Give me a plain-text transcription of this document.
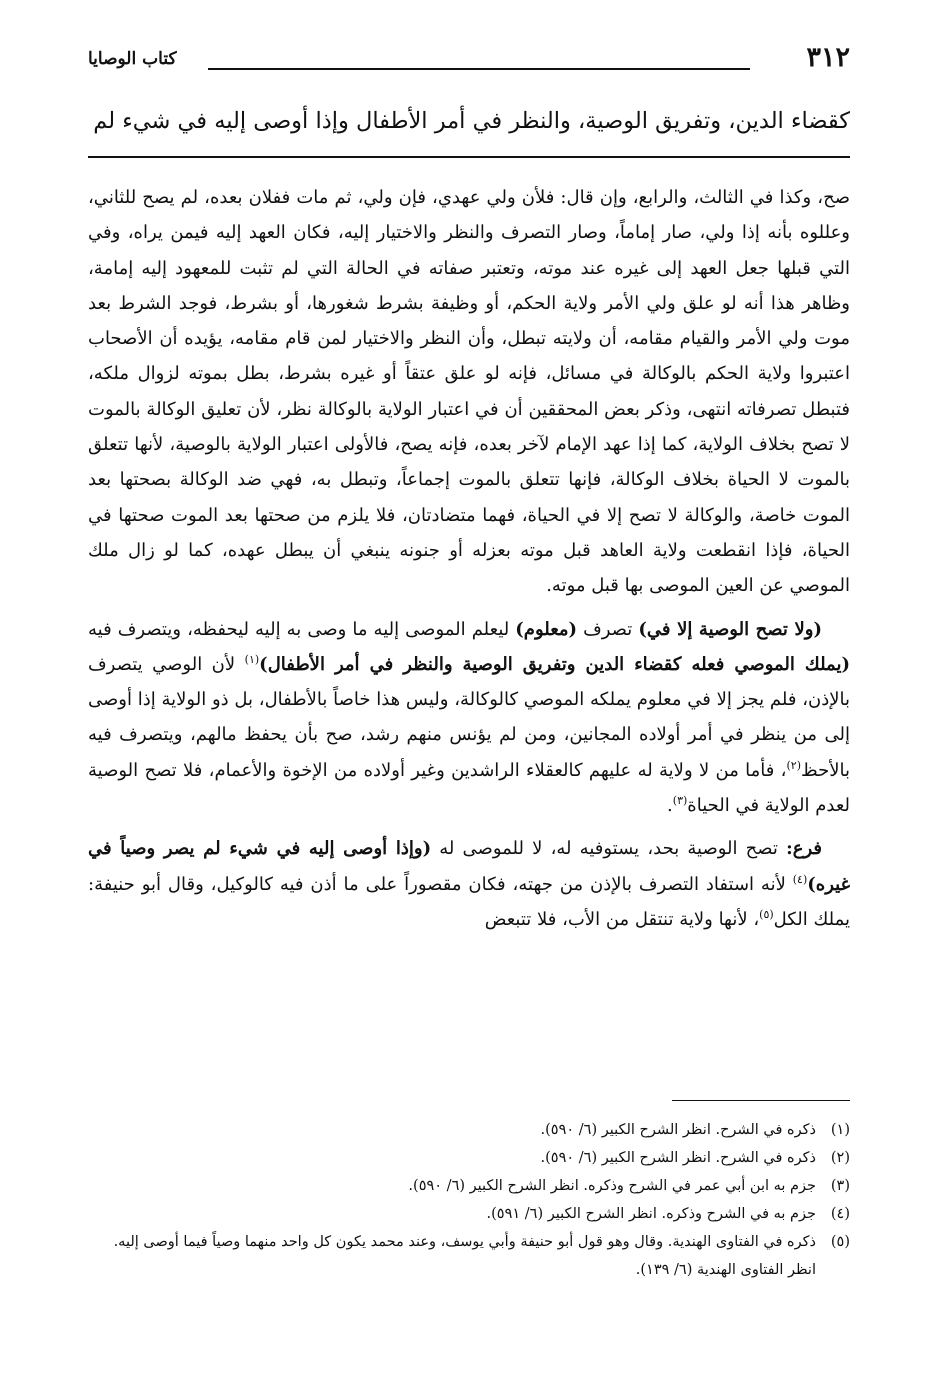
٣١٢
كتاب الوصايا
كقضاء الدين، وتفريق الوصية، والنظر في أمر الأطفال وإذا أوصى إليه في شيء لم

صح، وكذا في الثالث، والرابع، وإن قال: فلأن ولي عهدي، فإن ولي، ثم مات ففلان بعده، لم يصح للثاني، وعللوه بأنه إذا ولي، صار إماماً، وصار التصرف والنظر والاختيار إليه، فكان العهد إليه فيمن يراه، وفي التي قبلها جعل العهد إلى غيره عند موته، وتعتبر صفاته في الحالة التي لم تثبت للمعهود إليه إمامة، وظاهر هذا أنه لو علق ولي الأمر ولاية الحكم، أو وظيفة بشرط شغورها، أو بشرط، فوجد الشرط بعد موت ولي الأمر والقيام مقامه، أن ولايته تبطل، وأن النظر والاختيار لمن قام مقامه، يؤيده أن الأصحاب اعتبروا ولاية الحكم بالوكالة في مسائل، فإنه لو علق عتقاً أو غيره بشرط، بطل بموته لزوال ملكه، فتبطل تصرفاته انتهى، وذكر بعض المحققين أن في اعتبار الولاية بالوكالة نظر، لأن تعليق الوكالة بالموت لا تصح بخلاف الولاية، كما إذا عهد الإمام لآخر بعده، فإنه يصح، فالأولى اعتبار الولاية بالوصية، لأنها تتعلق بالموت لا الحياة بخلاف الوكالة، فإنها تتعلق بالموت إجماعاً، وتبطل به، فهي ضد الوكالة بصحتها بعد الموت خاصة، والوكالة لا تصح إلا في الحياة، فهما متضادتان، فلا يلزم من صحتها بعد الموت صحتها في الحياة، فإذا انقطعت ولاية العاهد قبل موته بعزله أو جنونه ينبغي أن يبطل عهده، كما لو زال ملك الموصي عن العين الموصى بها قبل موته.

(ولا تصح الوصية إلا في) تصرف (معلوم) ليعلم الموصى إليه ما وصى به إليه ليحفظه، ويتصرف فيه (يملك الموصي فعله كقضاء الدين وتفريق الوصية والنظر في أمر الأطفال)$^{(١)}$ لأن الوصي يتصرف بالإذن، فلم يجز إلا في معلوم يملكه الموصي كالوكالة، وليس هذا خاصاً بالأطفال، بل ذو الولاية إذا أوصى إلى من ينظر في أمر أولاده المجانين، ومن لم يؤنس منهم رشد، صح بأن يحفظ مالهم، ويتصرف فيه بالأحظ$^{(٢)}$، فأما من لا ولاية له عليهم كالعقلاء الراشدين وغير أولاده من الإخوة والأعمام، فلا تصح الوصية لعدم الولاية في الحياة$^{(٣)}$.

فرع: تصح الوصية بحد، يستوفيه له، لا للموصى له (وإذا أوصى إليه في شيء لم يصر وصياً في غيره)$^{(٤)}$ لأنه استفاد التصرف بالإذن من جهته، فكان مقصوراً على ما أذن فيه كالوكيل، وقال أبو حنيفة: يملك الكل$^{(٥)}$، لأنها ولاية تنتقل من الأب، فلا تتبعض

(١)
ذكره في الشرح. انظر الشرح الكبير (٦/ ٥٩٠).
(٢)
ذكره في الشرح. انظر الشرح الكبير (٦/ ٥٩٠).
(٣)
جزم به ابن أبي عمر في الشرح وذكره. انظر الشرح الكبير (٦/ ٥٩٠).
(٤)
جزم به في الشرح وذكره. انظر الشرح الكبير (٦/ ٥٩١).
(٥)
ذكره في الفتاوى الهندية. وقال وهو قول أبو حنيفة وأبي يوسف، وعند محمد يكون كل واحد منهما وصياً فيما أوصى إليه. انظر الفتاوى الهندية (٦/ ١٣٩).
